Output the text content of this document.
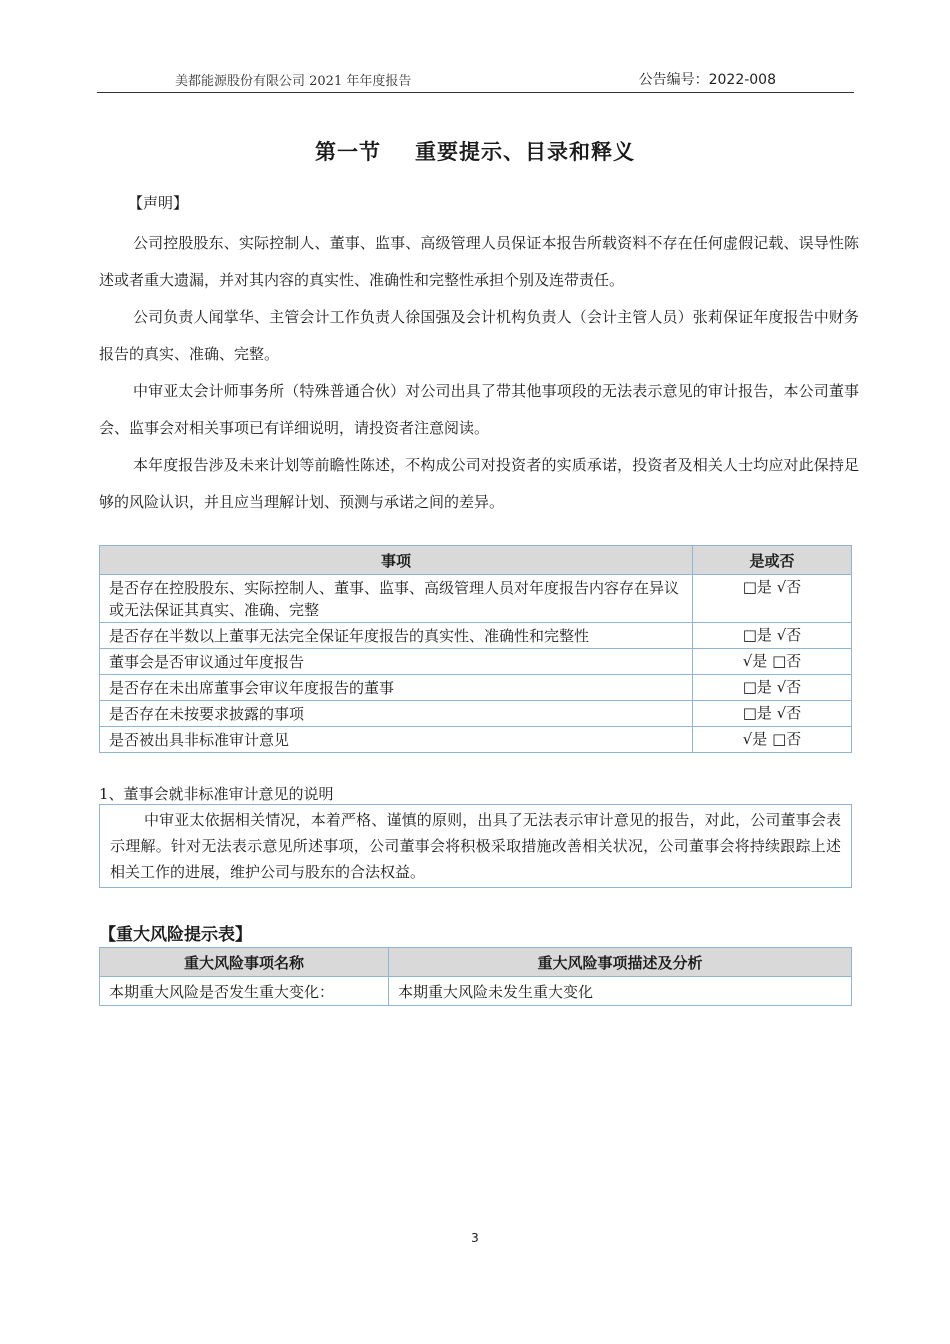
美都能源股份有限公司 2021 年年度报告	公告编号：2022-008
第一节 重要提示、目录和释义
【声明】
公司控股股东、实际控制人、董事、监事、高级管理人员保证本报告所载资料不存在任何虚假记载、误导性陈述或者重大遗漏，并对其内容的真实性、准确性和完整性承担个别及连带责任。
公司负责人闻掌华、主管会计工作负责人徐国强及会计机构负责人（会计主管人员）张莉保证年度报告中财务报告的真实、准确、完整。
中审亚太会计师事务所（特殊普通合伙）对公司出具了带其他事项段的无法表示意见的审计报告，本公司董事会、监事会对相关事项已有详细说明，请投资者注意阅读。
本年度报告涉及未来计划等前瞻性陈述，不构成公司对投资者的实质承诺，投资者及相关人士均应对此保持足够的风险认识，并且应当理解计划、预测与承诺之间的差异。
事项	是或否
是否存在控股股东、实际控制人、董事、监事、高级管理人员对年度报告内容存在异议或无法保证其真实、准确、完整	□是 √否
是否存在半数以上董事无法完全保证年度报告的真实性、准确性和完整性	□是 √否
董事会是否审议通过年度报告	√是 □否
是否存在未出席董事会审议年度报告的董事	□是 √否
是否存在未按要求披露的事项	□是 √否
是否被出具非标准审计意见	√是 □否
1、董事会就非标准审计意见的说明
中审亚太依据相关情况，本着严格、谨慎的原则，出具了无法表示审计意见的报告，对此，公司董事会表示理解。针对无法表示意见所述事项，公司董事会将积极采取措施改善相关状况，公司董事会将持续跟踪上述相关工作的进展，维护公司与股东的合法权益。
【重大风险提示表】
重大风险事项名称	重大风险事项描述及分析
本期重大风险是否发生重大变化：	本期重大风险未发生重大变化
3
